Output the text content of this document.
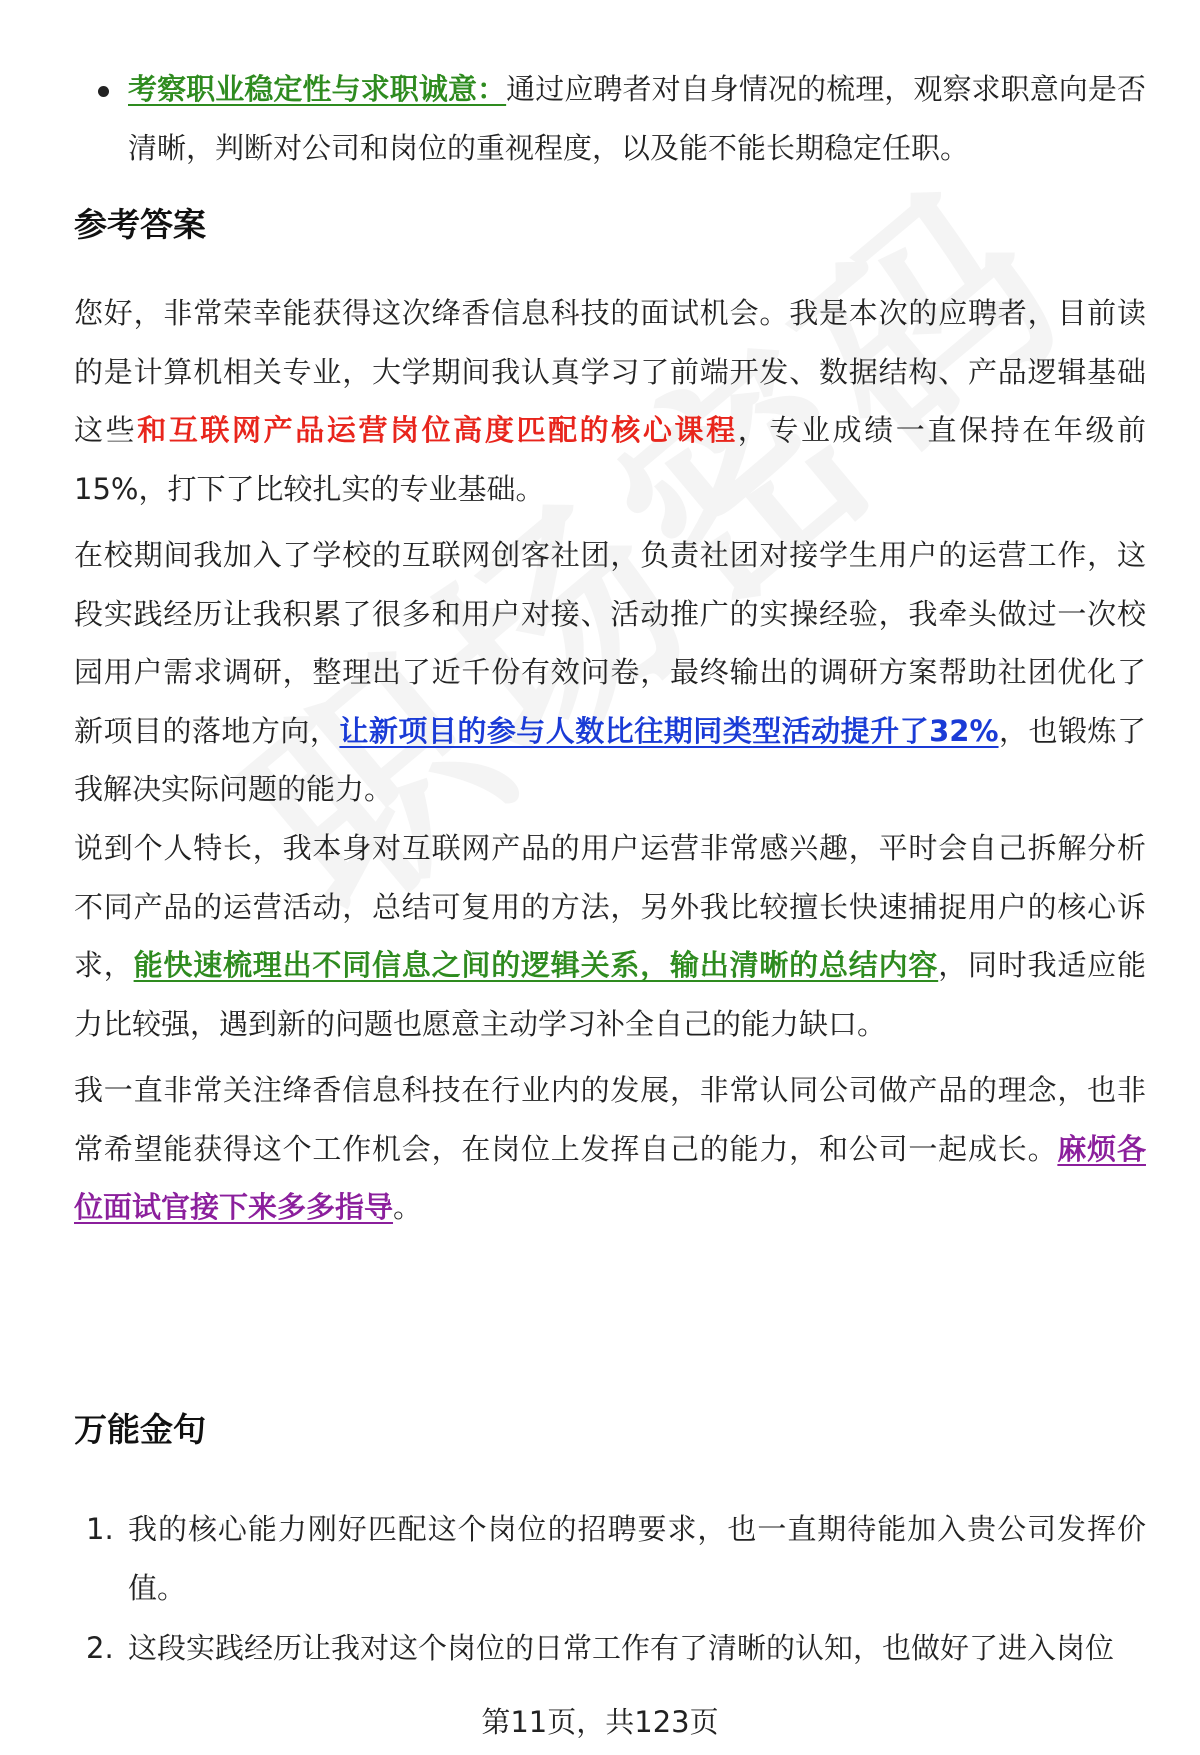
考察职业稳定性与求职诚意：通过应聘者对自身情况的梳理，观察求职意向是否清晰，判断对公司和岗位的重视程度，以及能不能长期稳定任职。

参考答案

您好，非常荣幸能获得这次绛香信息科技的面试机会。我是本次的应聘者，目前读的是计算机相关专业，大学期间我认真学习了前端开发、数据结构、产品逻辑基础这些和互联网产品运营岗位高度匹配的核心课程，专业成绩一直保持在年级前15%，打下了比较扎实的专业基础。

在校期间我加入了学校的互联网创客社团，负责社团对接学生用户的运营工作，这段实践经历让我积累了很多和用户对接、活动推广的实操经验，我牵头做过一次校园用户需求调研，整理出了近千份有效问卷，最终输出的调研方案帮助社团优化了新项目的落地方向，让新项目的参与人数比往期同类型活动提升了32%，也锻炼了我解决实际问题的能力。

说到个人特长，我本身对互联网产品的用户运营非常感兴趣，平时会自己拆解分析不同产品的运营活动，总结可复用的方法，另外我比较擅长快速捕捉用户的核心诉求，能快速梳理出不同信息之间的逻辑关系，输出清晰的总结内容，同时我适应能力比较强，遇到新的问题也愿意主动学习补全自己的能力缺口。

我一直非常关注绛香信息科技在行业内的发展，非常认同公司做产品的理念，也非常希望能获得这个工作机会，在岗位上发挥自己的能力，和公司一起成长。麻烦各位面试官接下来多多指导。

万能金句
1. 我的核心能力刚好匹配这个岗位的招聘要求，也一直期待能加入贵公司发挥价值。

2. 这段实践经历让我对这个岗位的日常工作有了清晰的认知，也做好了进入岗位

第11页，共123页
